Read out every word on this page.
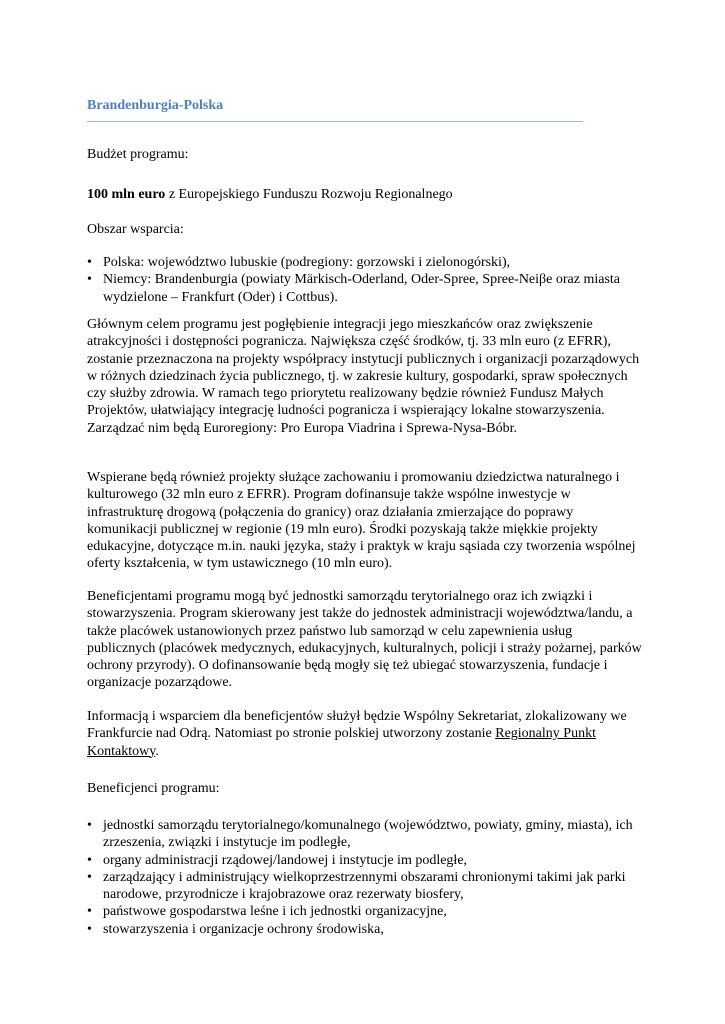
Brandenburgia-Polska

Budżet programu:

100 mln euro z Europejskiego Funduszu Rozwoju Regionalnego

Obszar wsparcia:

• Polska: województwo lubuskie (podregiony: gorzowski i zielonogórski),
• Niemcy: Brandenburgia (powiaty Märkisch-Oderland, Oder-Spree, Spree-Neiβe oraz miasta wydzielone – Frankfurt (Oder) i Cottbus).

Głównym celem programu jest pogłębienie integracji jego mieszkańców oraz zwiększenie atrakcyjności i dostępności pogranicza. Największa część środków, tj. 33 mln euro (z EFRR), zostanie przeznaczona na projekty współpracy instytucji publicznych i organizacji pozarządowych w różnych dziedzinach życia publicznego, tj. w zakresie kultury, gospodarki, spraw społecznych czy służby zdrowia. W ramach tego priorytetu realizowany będzie również Fundusz Małych Projektów, ułatwiający integrację ludności pogranicza i wspierający lokalne stowarzyszenia. Zarządzać nim będą Euroregiony: Pro Europa Viadrina i Sprewa-Nysa-Bóbr.

Wspierane będą również projekty służące zachowaniu i promowaniu dziedzictwa naturalnego i kulturowego (32 mln euro z EFRR). Program dofinansuje także wspólne inwestycje w infrastrukturę drogową (połączenia do granicy) oraz działania zmierzające do poprawy komunikacji publicznej w regionie (19 mln euro). Środki pozyskają także miękkie projekty edukacyjne, dotyczące m.in. nauki języka, staży i praktyk w kraju sąsiada czy tworzenia wspólnej oferty kształcenia, w tym ustawicznego (10 mln euro).

Beneficjentami programu mogą być jednostki samorządu terytorialnego oraz ich związki i stowarzyszenia. Program skierowany jest także do jednostek administracji województwa/landu, a także placówek ustanowionych przez państwo lub samorząd w celu zapewnienia usług publicznych (placówek medycznych, edukacyjnych, kulturalnych, policji i straży pożarnej, parków ochrony przyrody). O dofinansowanie będą mogły się też ubiegać stowarzyszenia, fundacje i organizacje pozarządowe.

Informacją i wsparciem dla beneficjentów służył będzie Wspólny Sekretariat, zlokalizowany we Frankfurcie nad Odrą. Natomiast po stronie polskiej utworzony zostanie Regionalny Punkt Kontaktowy.

Beneficjenci programu:

• jednostki samorządu terytorialnego/komunalnego (województwo, powiaty, gminy, miasta), ich zrzeszenia, związki i instytucje im podległe,
• organy administracji rządowej/landowej i instytucje im podległe,
• zarządzający i administrujący wielkoprzestrzennymi obszarami chronionymi takimi jak parki narodowe, przyrodnicze i krajobrazowe oraz rezerwaty biosfery,
• państwowe gospodarstwa leśne i ich jednostki organizacyjne,
• stowarzyszenia i organizacje ochrony środowiska,
